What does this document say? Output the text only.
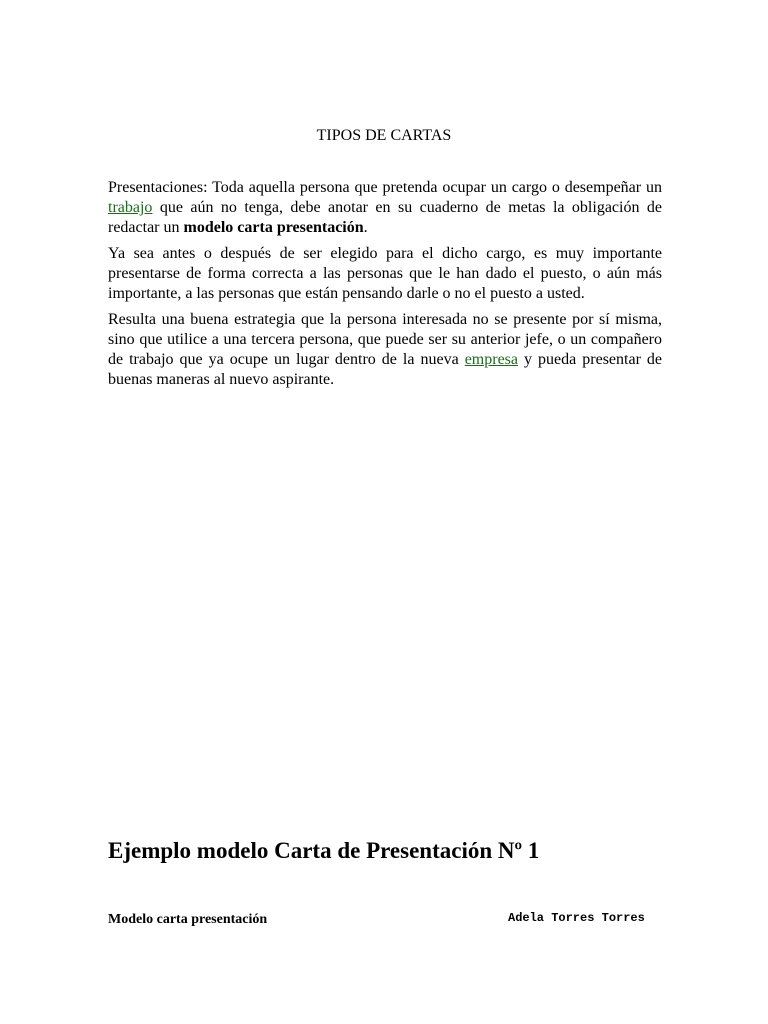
TIPOS DE CARTAS

Presentaciones: Toda aquella persona que pretenda ocupar un cargo o desempeñar un trabajo que aún no tenga, debe anotar en su cuaderno de metas la obligación de redactar un modelo carta presentación.

Ya sea antes o después de ser elegido para el dicho cargo, es muy importante presentarse de forma correcta a las personas que le han dado el puesto, o aún más importante, a las personas que están pensando darle o no el puesto a usted.

Resulta una buena estrategia que la persona interesada no se presente por sí misma, sino que utilice a una tercera persona, que puede ser su anterior jefe, o un compañero de trabajo que ya ocupe un lugar dentro de la nueva empresa y pueda presentar de buenas maneras al nuevo aspirante.

Ejemplo modelo Carta de Presentación Nº 1
Modelo carta presentación	Adela Torres Torres
